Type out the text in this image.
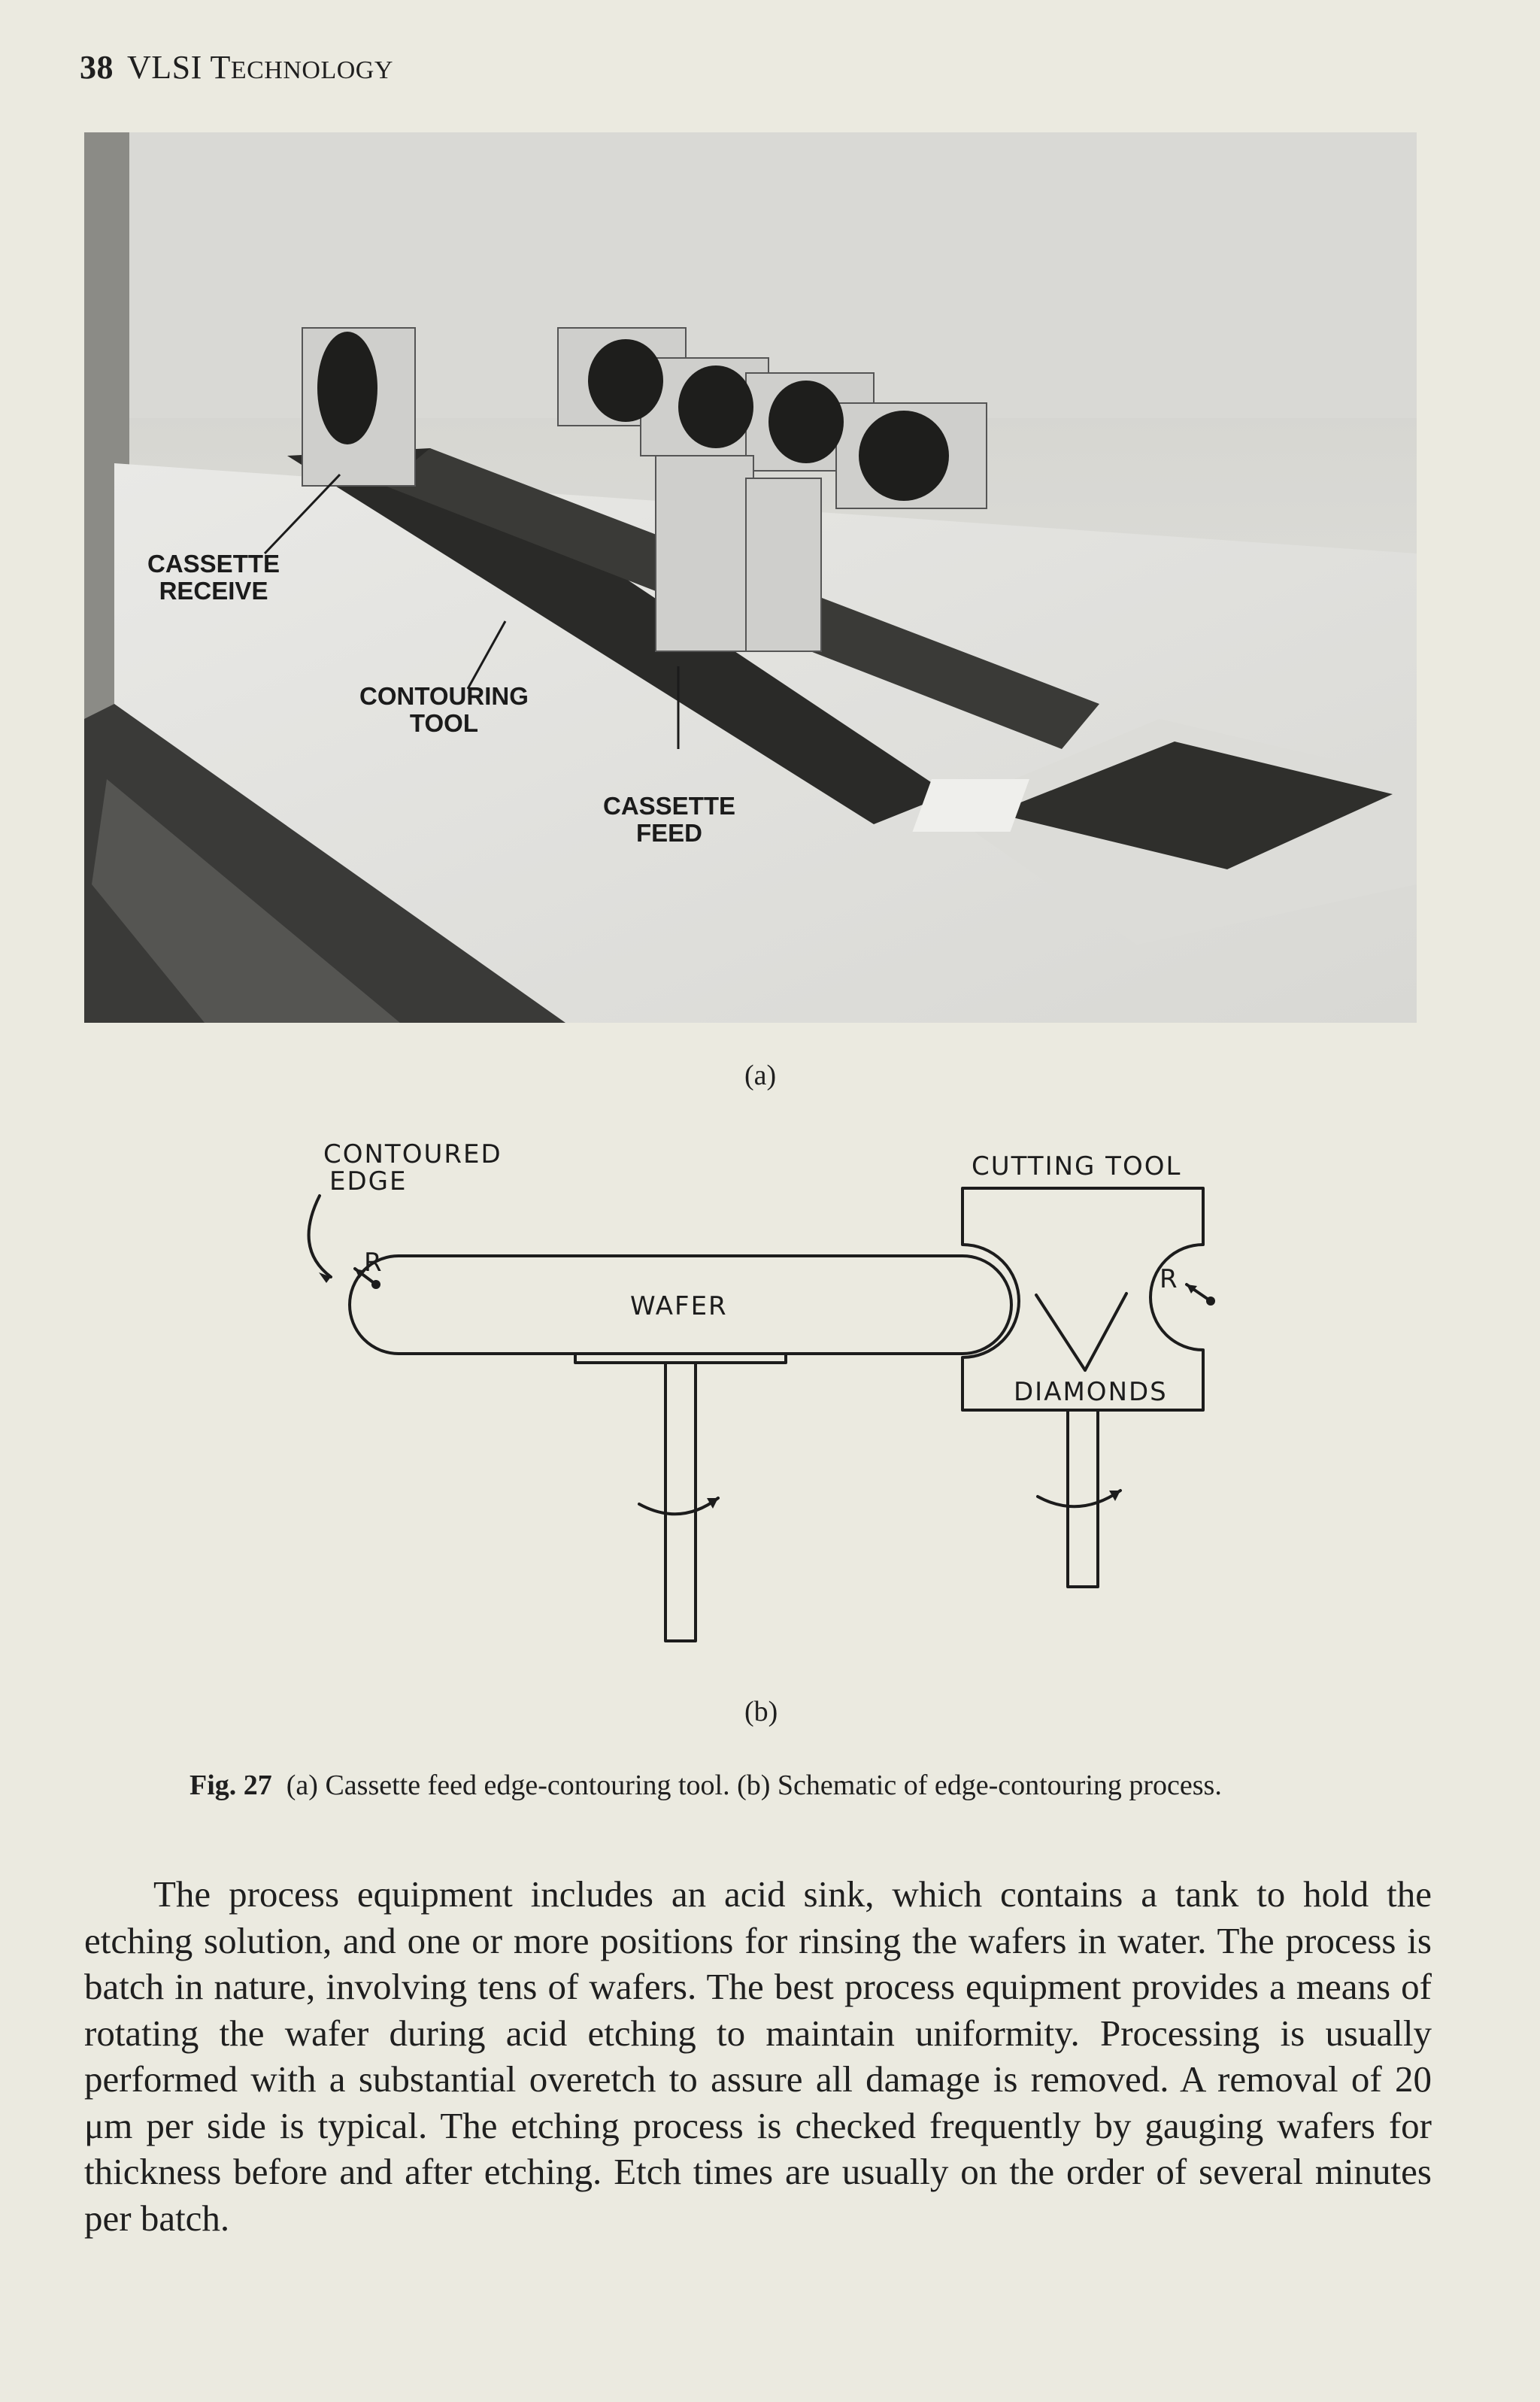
38 VLSI TECHNOLOGY
CASSETTE
RECEIVE
CONTOURING
TOOL
CASSETTE
FEED
(a)
CONTOURED
EDGE	CUTTING TOOL
WAFER
DIAMONDS
R
R
(b)
Fig. 27 (a) Cassette feed edge-contouring tool. (b) Schematic of edge-contouring process.

The process equipment includes an acid sink, which contains a tank to hold the etching solution, and one or more positions for rinsing the wafers in water. The process is batch in nature, involving tens of wafers. The best process equipment provides a means of rotating the wafer during acid etching to maintain uniformity. Processing is usually performed with a substantial overetch to assure all damage is removed. A removal of 20 μm per side is typical. The etching process is checked frequently by gauging wafers for thickness before and after etching. Etch times are usually on the order of several minutes per batch.
